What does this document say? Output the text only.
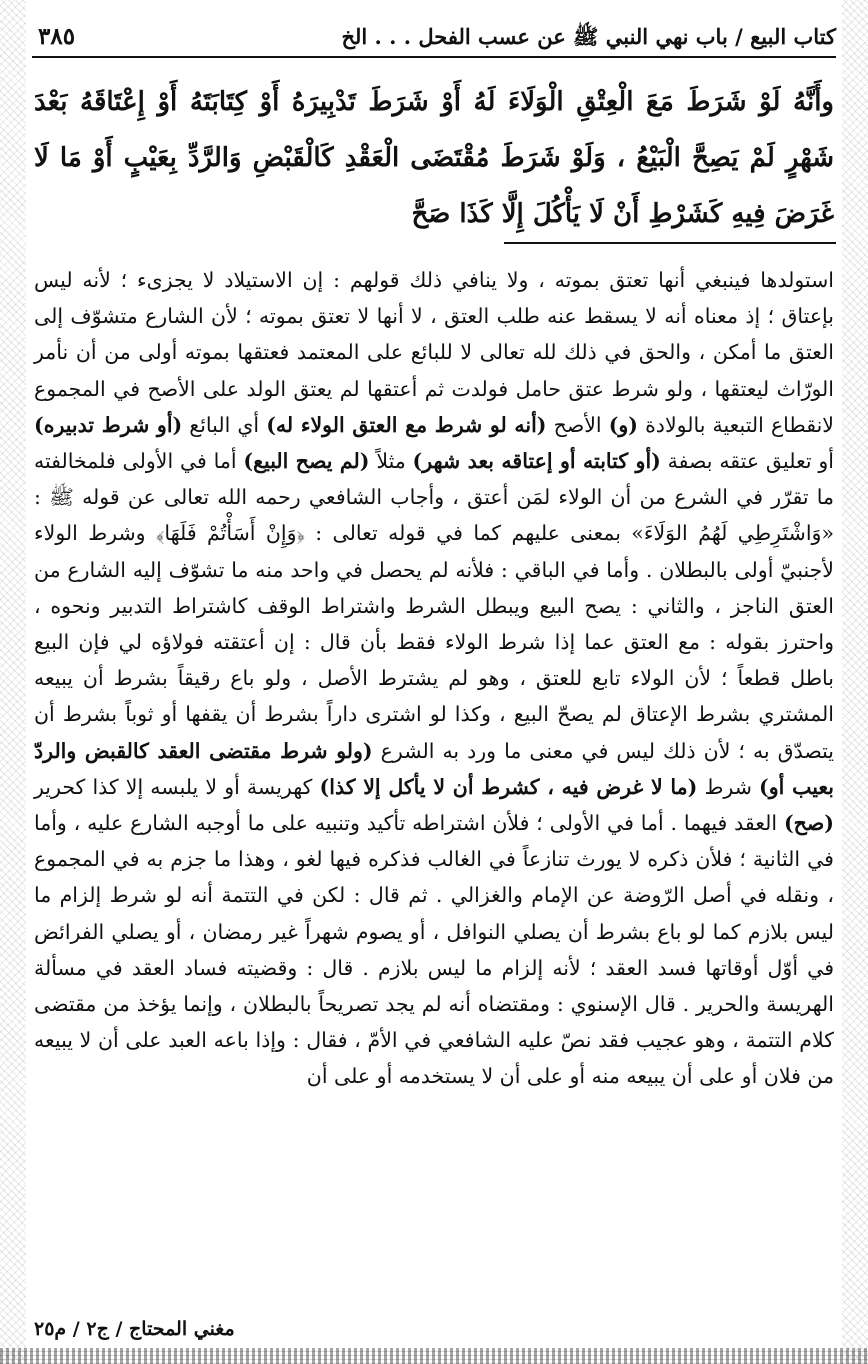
كتاب البيع / باب نهي النبي ﷺ عن عسب الفحل . . . الخ
٣٨٥
وأَنَّهُ لَوْ شَرَطَ مَعَ الْعِتْقِ الْوَلَاءَ لَهُ أَوْ شَرَطَ تَدْبِيرَهُ أَوْ كِتَابَتَهُ أَوْ إِعْتَاقَهُ بَعْدَ شَهْرٍ لَمْ يَصِحَّ الْبَيْعُ ، وَلَوْ شَرَطَ مُقْتَضَى الْعَقْدِ كَالْقَبْضِ وَالرَّدِّ بِعَيْبٍ أَوْ مَا لَا غَرَضَ فِيهِ كَشَرْطِ أَنْ لَا يَأْكُلَ إِلَّا كَذَا صَحَّ

استولدها فينبغي أنها تعتق بموته ، ولا ينافي ذلك قولهم : إن الاستيلاد لا يجزىء ؛ لأنه ليس بإعتاق ؛ إذ معناه أنه لا يسقط عنه طلب العتق ، لا أنها لا تعتق بموته ؛ لأن الشارع متشوّف إلى العتق ما أمكن ، والحق في ذلك لله تعالى لا للبائع على المعتمد فعتقها بموته أولى من أن نأمر الورّاث ليعتقها ، ولو شرط عتق حامل فولدت ثم أعتقها لم يعتق الولد على الأصح في المجموع لانقطاع التبعية بالولادة (و) الأصح (أنه لو شرط مع العتق الولاء له) أي البائع (أو شرط تدبيره) أو تعليق عتقه بصفة (أو كتابته أو إعتاقه بعد شهر) مثلاً (لم يصح البيع) أما في الأولى فلمخالفته ما تقرّر في الشرع من أن الولاء لمَن أعتق ، وأجاب الشافعي رحمه الله تعالى عن قوله ﷺ : «وَاشْتَرِطِي لَهُمُ الوَلَاءَ» بمعنى عليهم كما في قوله تعالى : ﴿وَإِنْ أَسَأْتُمْ فَلَهَا﴾ وشرط الولاء لأجنبيّ أولى بالبطلان . وأما في الباقي : فلأنه لم يحصل في واحد منه ما تشوّف إليه الشارع من العتق الناجز ، والثاني : يصح البيع ويبطل الشرط واشتراط الوقف كاشتراط التدبير ونحوه ، واحترز بقوله : مع العتق عما إذا شرط الولاء فقط بأن قال : إن أعتقته فولاؤه لي فإن البيع باطل قطعاً ؛ لأن الولاء تابع للعتق ، وهو لم يشترط الأصل ، ولو باع رقيقاً بشرط أن يبيعه المشتري بشرط الإعتاق لم يصحّ البيع ، وكذا لو اشترى داراً بشرط أن يقفها أو ثوباً بشرط أن يتصدّق به ؛ لأن ذلك ليس في معنى ما ورد به الشرع (ولو شرط مقتضى العقد كالقبض والردّ بعيب أو) شرط (ما لا غرض فيه ، كشرط أن لا يأكل إلا كذا) كهريسة أو لا يلبسه إلا كذا كحرير (صح) العقد فيهما . أما في الأولى ؛ فلأن اشتراطه تأكيد وتنبيه على ما أوجبه الشارع عليه ، وأما في الثانية ؛ فلأن ذكره لا يورث تنازعاً في الغالب فذكره فيها لغو ، وهذا ما جزم به في المجموع ، ونقله في أصل الرّوضة عن الإمام والغزالي . ثم قال : لكن في التتمة أنه لو شرط إلزام ما ليس بلازم كما لو باع بشرط أن يصلي النوافل ، أو يصوم شهراً غير رمضان ، أو يصلي الفرائض في أوّل أوقاتها فسد العقد ؛ لأنه إلزام ما ليس بلازم . قال : وقضيته فساد العقد في مسألة الهريسة والحرير . قال الإسنوي : ومقتضاه أنه لم يجد تصريحاً بالبطلان ، وإنما يؤخذ من مقتضى كلام التتمة ، وهو عجيب فقد نصّ عليه الشافعي في الأمّ ، فقال : وإذا باعه العبد على أن لا يبيعه من فلان أو على أن يبيعه منه أو على أن لا يستخدمه أو على أن

مغني المحتاج / ج٢ / م٢٥
